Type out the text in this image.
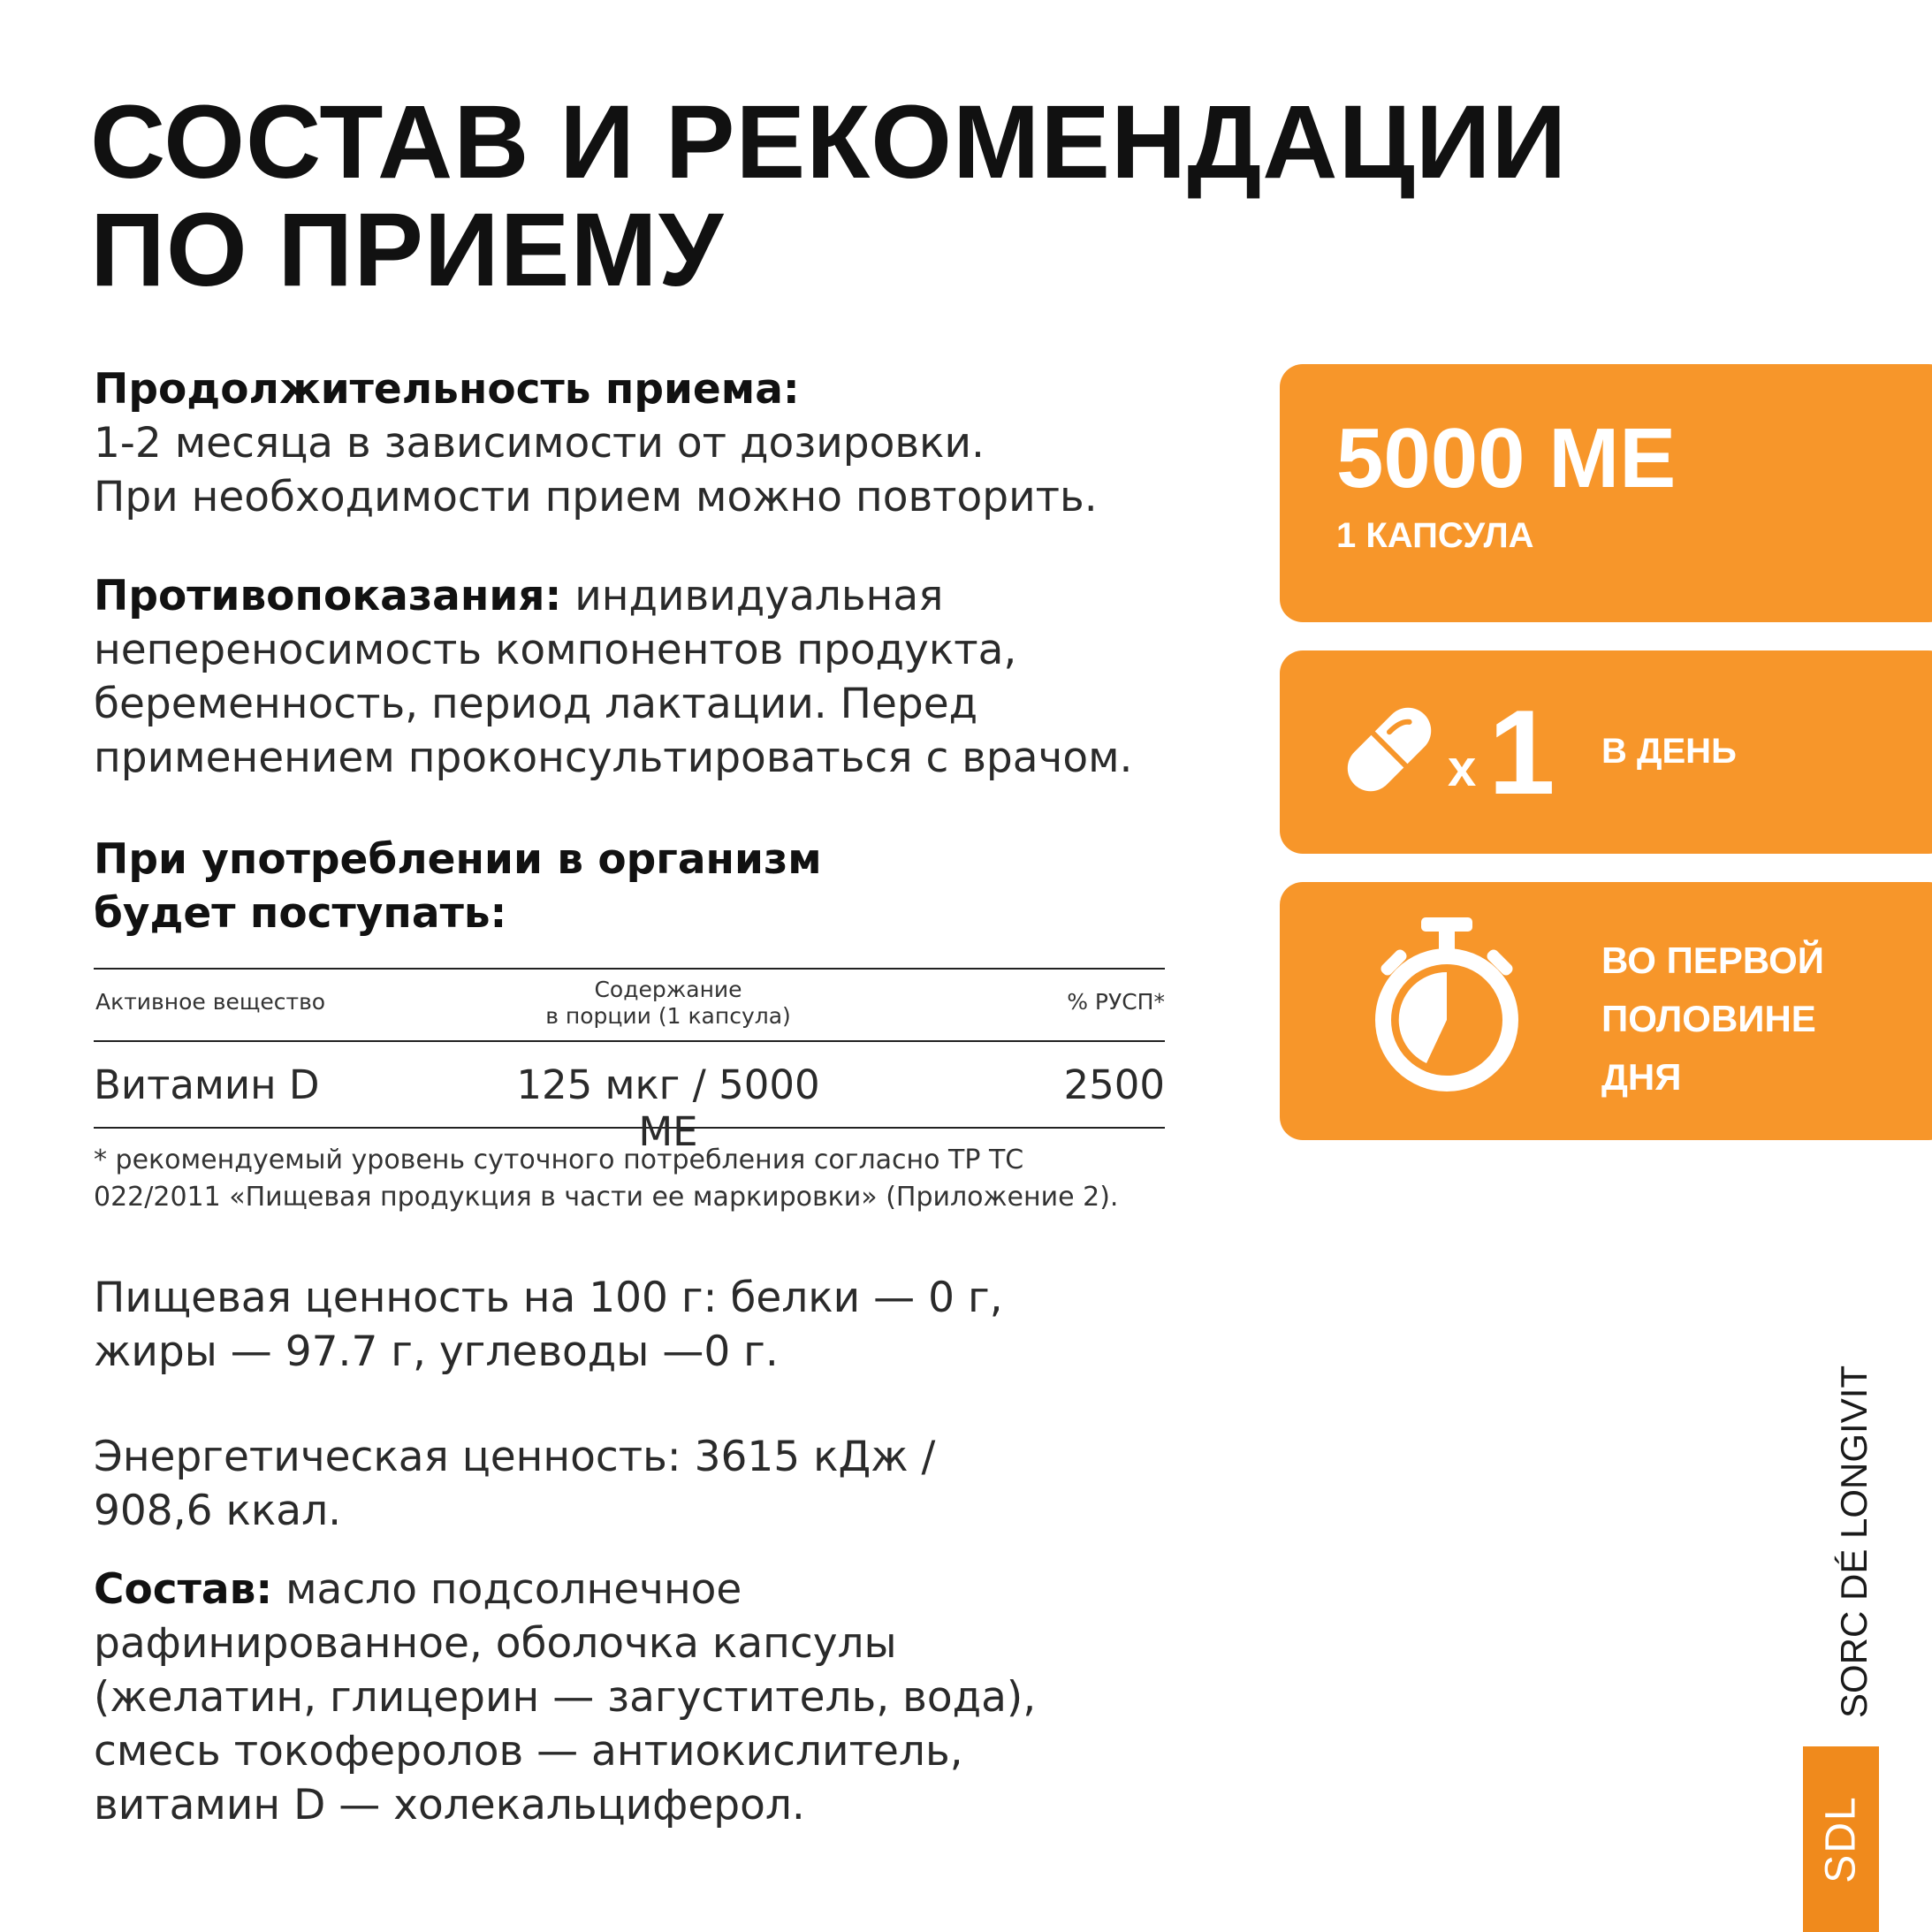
СОСТАВ И РЕКОМЕНДАЦИИ
ПО ПРИЕМУ

Продолжительность приема:
1-2 месяца в зависимости от дозировки.
При необходимости прием можно повторить.

Противопоказания: индивидуальная
непереносимость компонентов продукта,
беременность, период лактации. Перед
применением проконсультироваться с врачом.

При употреблении в организм
будет поступать:

Активное вещество	Содержание
в порции (1 капсула)
% РУСП*
Витамин D	125 мкг / 5000 МЕ
2500
* рекомендуемый уровень суточного потребления согласно ТР ТС
022/2011 «Пищевая продукция в части ее маркировки» (Приложение 2).

Пищевая ценность на 100 г: белки — 0 г,
жиры — 97.7 г, углеводы —0 г.

Энергетическая ценность: 3615 кДж /
908,6 ккал.

Состав: масло подсолнечное
рафинированное, оболочка капсулы
(желатин, глицерин — загуститель, вода),
смесь токоферолов — антиокислитель,
витамин D — холекальциферол.

5000 МЕ
1 КАПСУЛА
x 1 В ДЕНЬ
ВО ПЕРВОЙ
ПОЛОВИНЕ
ДНЯ
SORC DÉ LONGIVIT
SDL
